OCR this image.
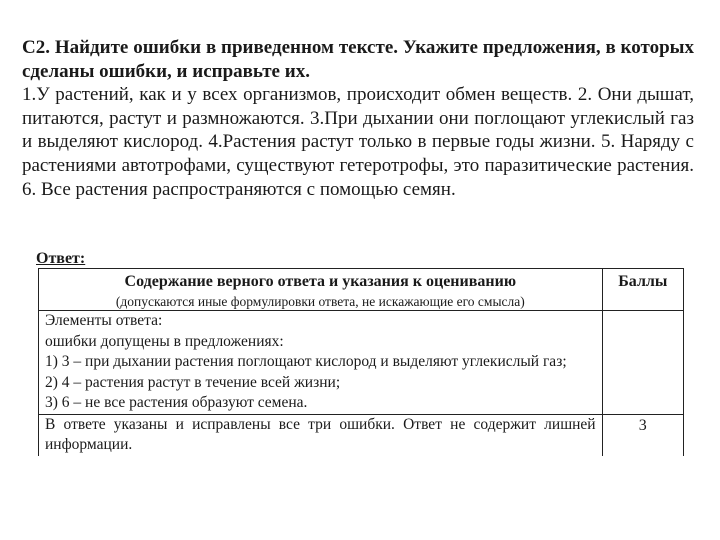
С2. Найдите ошибки в приведенном тексте. Укажите предложения, в которых сделаны ошибки, и исправьте их.
1.У растений, как и у всех организмов, происходит обмен веществ. 2. Они дышат, питаются, растут и размножаются. 3.При дыхании они поглощают углекислый газ и выделяют кислород. 4.Растения растут только в первые годы жизни. 5. Наряду с растениями автотрофами, существуют гетеротрофы, это паразитические растения. 6. Все растения распространяются с помощью семян.
Ответ:
Содержание верного ответа и указания к оцениванию
(допускаются иные формулировки ответа, не искажающие его смысла)	Баллы

Элементы ответа:
ошибки допущены в предложениях:
1) 3 – при дыхании растения поглощают кислород и выделяют углекислый газ;
2) 4 – растения растут в течение всей жизни;
3) 6 – не все растения образуют семена.	

В ответе указаны и исправлены все три ошибки. Ответ не содержит лишней информации.	3
